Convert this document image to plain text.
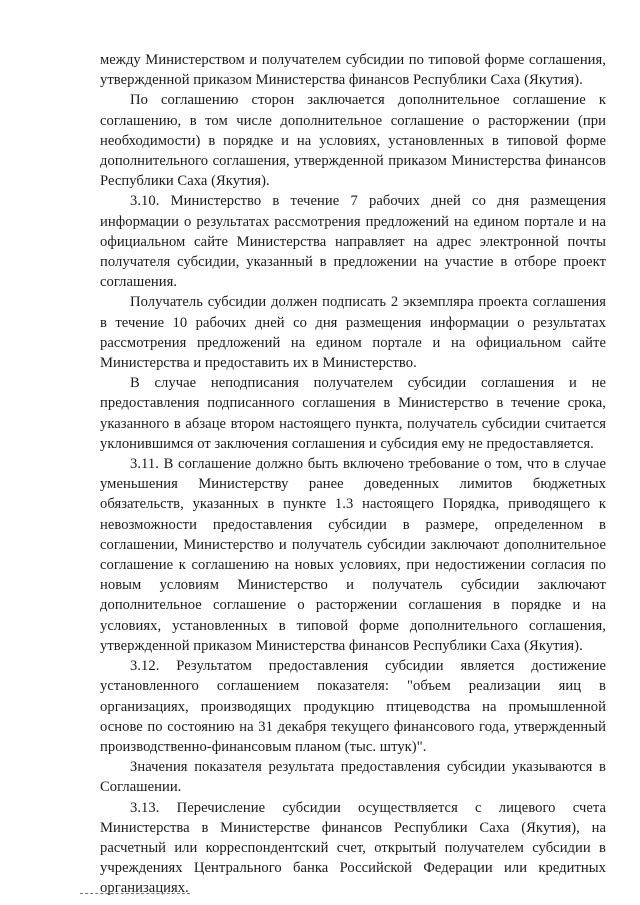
между Министерством и получателем субсидии по типовой форме соглашения, утвержденной приказом Министерства финансов Республики Саха (Якутия).

По соглашению сторон заключается дополнительное соглашение к соглашению, в том числе дополнительное соглашение о расторжении (при необходимости) в порядке и на условиях, установленных в типовой форме дополнительного соглашения, утвержденной приказом Министерства финансов Республики Саха (Якутия).

3.10. Министерство в течение 7 рабочих дней со дня размещения информации о результатах рассмотрения предложений на едином портале и на официальном сайте Министерства направляет на адрес электронной почты получателя субсидии, указанный в предложении на участие в отборе проект соглашения.

Получатель субсидии должен подписать 2 экземпляра проекта соглашения в течение 10 рабочих дней со дня размещения информации о результатах рассмотрения предложений на едином портале и на официальном сайте Министерства и предоставить их в Министерство.

В случае неподписания получателем субсидии соглашения и не предоставления подписанного соглашения в Министерство в течение срока, указанного в абзаце втором настоящего пункта, получатель субсидии считается уклонившимся от заключения соглашения и субсидия ему не предоставляется.

3.11. В соглашение должно быть включено требование о том, что в случае уменьшения Министерству ранее доведенных лимитов бюджетных обязательств, указанных в пункте 1.3 настоящего Порядка, приводящего к невозможности предоставления субсидии в размере, определенном в соглашении, Министерство и получатель субсидии заключают дополнительное соглашение к соглашению на новых условиях, при недостижении согласия по новым условиям Министерство и получатель субсидии заключают дополнительное соглашение о расторжении соглашения в порядке и на условиях, установленных в типовой форме дополнительного соглашения, утвержденной приказом Министерства финансов Республики Саха (Якутия).

3.12. Результатом предоставления субсидии является достижение установленного соглашением показателя: "объем реализации яиц в организациях, производящих продукцию птицеводства на промышленной основе по состоянию на 31 декабря текущего финансового года, утвержденный производственно-финансовым планом (тыс. штук)".

Значения показателя результата предоставления субсидии указываются в Соглашении.

3.13. Перечисление субсидии осуществляется с лицевого счета Министерства в Министерстве финансов Республики Саха (Якутия), на расчетный или корреспондентский счет, открытый получателем субсидии в учреждениях Центрального банка Российской Федерации или кредитных организациях.
